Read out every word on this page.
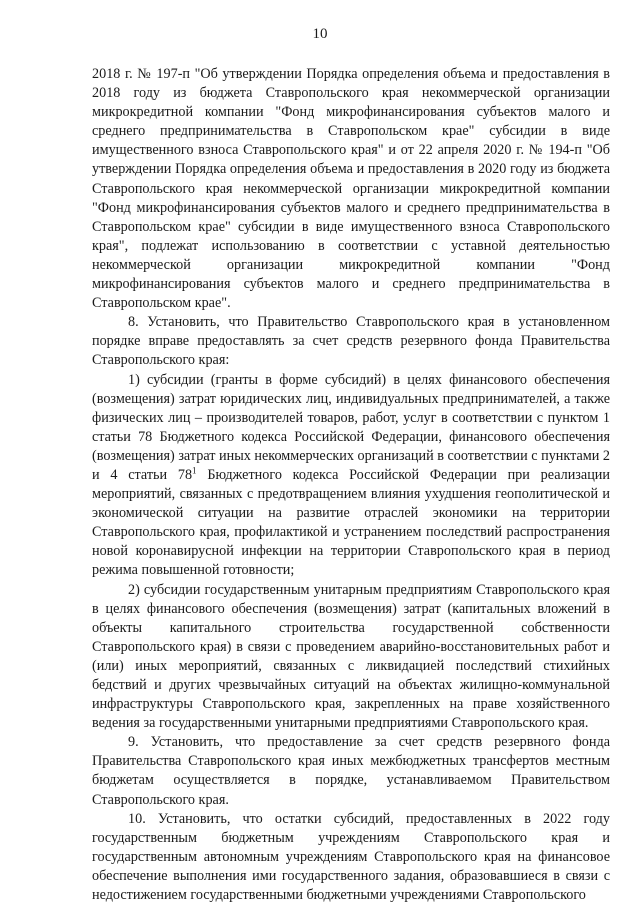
10

2018 г. № 197-п "Об утверждении Порядка определения объема и предоставления в 2018 году из бюджета Ставропольского края некоммерческой организации микрокредитной компании "Фонд микрофинансирования субъектов малого и среднего предпринимательства в Ставропольском крае" субсидии в виде имущественного взноса Ставропольского края" и от 22 апреля 2020 г. № 194-п "Об утверждении Порядка определения объема и предоставления в 2020 году из бюджета Ставропольского края некоммерческой организации микрокредитной компании "Фонд микрофинансирования субъектов малого и среднего предпринимательства в Ставропольском крае" субсидии в виде имущественного взноса Ставропольского края", подлежат использованию в соответствии с уставной деятельностью некоммерческой организации микрокредитной компании "Фонд микрофинансирования субъектов малого и среднего предпринимательства в Ставропольском крае".

8. Установить, что Правительство Ставропольского края в установленном порядке вправе предоставлять за счет средств резервного фонда Правительства Ставропольского края:

1) субсидии (гранты в форме субсидий) в целях финансового обеспечения (возмещения) затрат юридических лиц, индивидуальных предпринимателей, а также физических лиц – производителей товаров, работ, услуг в соответствии с пунктом 1 статьи 78 Бюджетного кодекса Российской Федерации, финансового обеспечения (возмещения) затрат иных некоммерческих организаций в соответствии с пунктами 2 и 4 статьи $78^1$ Бюджетного кодекса Российской Федерации при реализации мероприятий, связанных с предотвращением влияния ухудшения геополитической и экономической ситуации на развитие отраслей экономики на территории Ставропольского края, профилактикой и устранением последствий распространения новой коронавирусной инфекции на территории Ставропольского края в период режима повышенной готовности;

2) субсидии государственным унитарным предприятиям Ставропольского края в целях финансового обеспечения (возмещения) затрат (капитальных вложений в объекты капитального строительства государственной собственности Ставропольского края) в связи с проведением аварийно-восстановительных работ и (или) иных мероприятий, связанных с ликвидацией последствий стихийных бедствий и других чрезвычайных ситуаций на объектах жилищно-коммунальной инфраструктуры Ставропольского края, закрепленных на праве хозяйственного ведения за государственными унитарными предприятиями Ставропольского края.

9. Установить, что предоставление за счет средств резервного фонда Правительства Ставропольского края иных межбюджетных трансфертов местным бюджетам осуществляется в порядке, устанавливаемом Правительством Ставропольского края.

10. Установить, что остатки субсидий, предоставленных в 2022 году государственным бюджетным учреждениям Ставропольского края и государственным автономным учреждениям Ставропольского края на финансовое обеспечение выполнения ими государственного задания, образовавшиеся в связи с недостижением государственными бюджетными учреждениями Ставропольского
